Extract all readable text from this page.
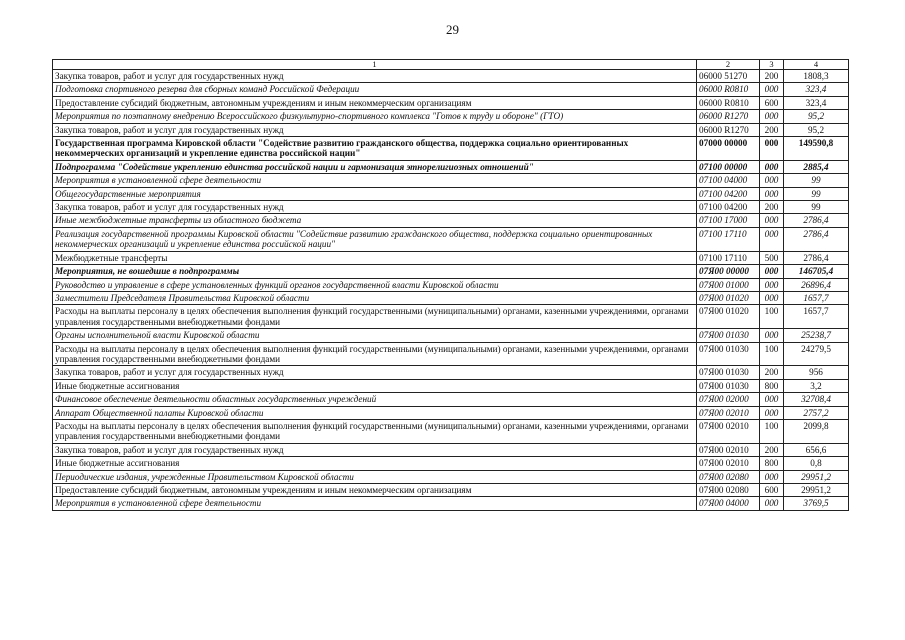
29
1	2	3	4
Закупка товаров, работ и услуг для государственных нужд	06000 51270	200	1808,3
Подготовка спортивного резерва для сборных команд Российской Федерации	06000 R0810	000	323,4
Предоставление субсидий бюджетным, автономным учреждениям и иным некоммерческим организациям	06000 R0810	600	323,4
Мероприятия по поэтапному внедрению Всероссийского физкультурно-спортивного комплекса "Готов к труду и обороне" (ГТО)	06000 R1270	000	95,2
Закупка товаров, работ и услуг для государственных нужд	06000 R1270	200	95,2
Государственная программа Кировской области "Содействие развитию гражданского общества, поддержка социально ориентированных некоммерческих организаций и укрепление единства российской нации"	07000 00000	000	149590,8
Подпрограмма "Содействие укреплению единства российской нации и гармонизация этнорелигиозных отношений"	07100 00000	000	2885,4
Мероприятия в установленной сфере деятельности	07100 04000	000	99
Общегосударственные мероприятия	07100 04200	000	99
Закупка товаров, работ и услуг для государственных нужд	07100 04200	200	99
Иные межбюджетные трансферты из областного бюджета	07100 17000	000	2786,4
Реализация государственной программы Кировской области "Содействие развитию гражданского общества, поддержка социально ориентированных некоммерческих организаций и укрепление единства российской нации"	07100 17110	000	2786,4
Межбюджетные трансферты	07100 17110	500	2786,4
Мероприятия, не вошедшие в подпрограммы	07Я00 00000	000	146705,4
Руководство и управление в сфере установленных функций органов государственной власти Кировской области	07Я00 01000	000	26896,4
Заместители Председателя Правительства Кировской области	07Я00 01020	000	1657,7
Расходы на выплаты персоналу в целях обеспечения выполнения функций государственными (муниципальными) органами, казенными учреждениями, органами управления государственными внебюджетными фондами	07Я00 01020	100	1657,7
Органы исполнительной власти Кировской области	07Я00 01030	000	25238,7
Расходы на выплаты персоналу в целях обеспечения выполнения функций государственными (муниципальными) органами, казенными учреждениями, органами управления государственными внебюджетными фондами	07Я00 01030	100	24279,5
Закупка товаров, работ и услуг для государственных нужд	07Я00 01030	200	956
Иные бюджетные ассигнования	07Я00 01030	800	3,2
Финансовое обеспечение деятельности областных государственных учреждений	07Я00 02000	000	32708,4
Аппарат Общественной палаты Кировской области	07Я00 02010	000	2757,2
Расходы на выплаты персоналу в целях обеспечения выполнения функций государственными (муниципальными) органами, казенными учреждениями, органами управления государственными внебюджетными фондами	07Я00 02010	100	2099,8
Закупка товаров, работ и услуг для государственных нужд	07Я00 02010	200	656,6
Иные бюджетные ассигнования	07Я00 02010	800	0,8
Периодические издания, учрежденные Правительством Кировской области	07Я00 02080	000	29951,2
Предоставление субсидий бюджетным, автономным учреждениям и иным некоммерческим организациям	07Я00 02080	600	29951,2
Мероприятия в установленной сфере деятельности	07Я00 04000	000	3769,5
